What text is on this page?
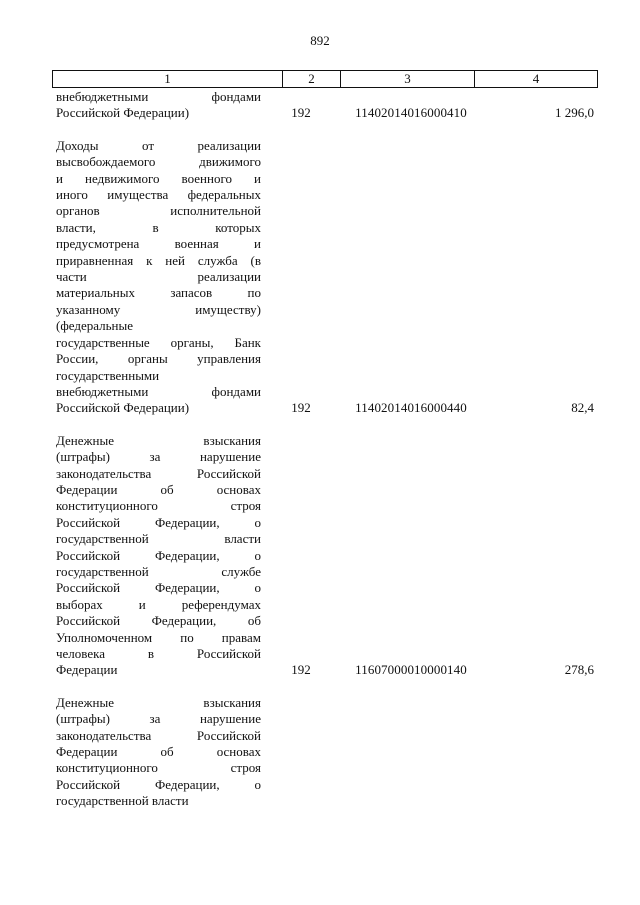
892
1	2	3	4
внебюджетными фондами
Российской Федерации)	192	11402014016000410	1 296,0
Доходы от реализации
высвобождаемого движимого
и недвижимого военного и
иного имущества федеральных
органов исполнительной
власти, в которых
предусмотрена военная и
приравненная к ней служба (в
части реализации
материальных запасов по
указанному имуществу)
(федеральные
государственные органы, Банк
России, органы управления
государственными
внебюджетными фондами
Российской Федерации)	192	11402014016000440	82,4
Денежные взыскания
(штрафы) за нарушение
законодательства Российской
Федерации об основах
конституционного строя
Российской Федерации, о
государственной власти
Российской Федерации, о
государственной службе
Российской Федерации, о
выборах и референдумах
Российской Федерации, об
Уполномоченном по правам
человека в Российской
Федерации	192	11607000010000140	278,6
Денежные взыскания
(штрафы) за нарушение
законодательства Российской
Федерации об основах
конституционного строя
Российской Федерации, о
государственной власти
